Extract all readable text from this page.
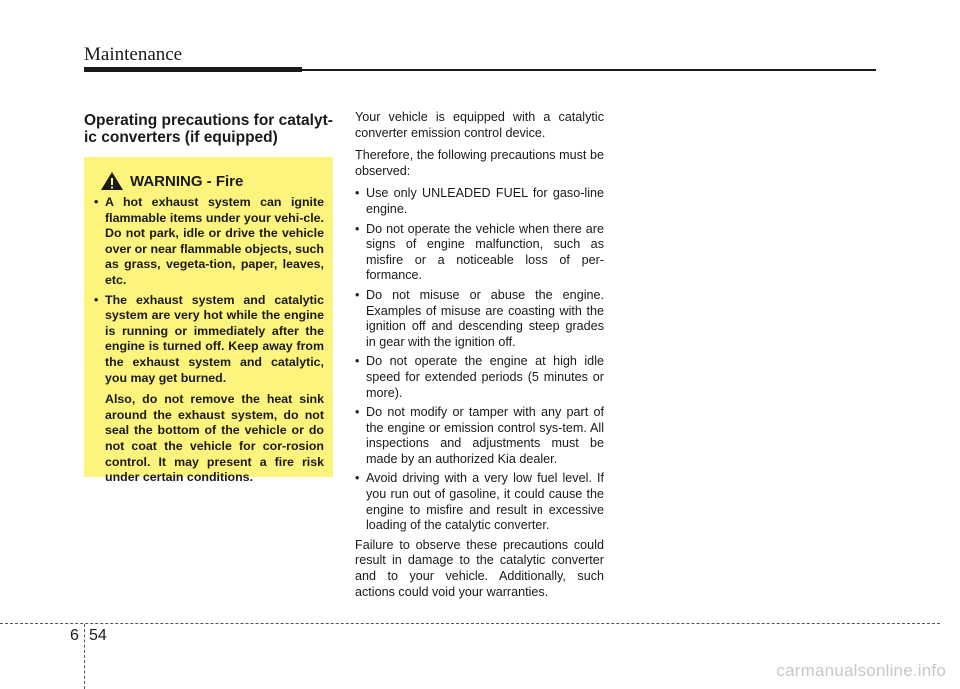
Maintenance
Operating precautions for catalyt-
ic converters (if equipped)
WARNING - Fire
• A hot exhaust system can ignite flammable items under your vehi-cle. Do not park, idle or drive the vehicle over or near flammable objects, such as grass, vegeta-tion, paper, leaves, etc.
• The exhaust system and catalytic system are very hot while the engine is running or immediately after the engine is turned off. Keep away from the exhaust system and catalytic, you may get burned.
Also, do not remove the heat sink around the exhaust system, do not seal the bottom of the vehicle or do not coat the vehicle for cor-rosion control. It may present a fire risk under certain conditions.

Your vehicle is equipped with a catalytic converter emission control device.

Therefore, the following precautions must be observed:

• Use only UNLEADED FUEL for gaso-line engine.
• Do not operate the vehicle when there are signs of engine malfunction, such as misfire or a noticeable loss of per-formance.
• Do not misuse or abuse the engine. Examples of misuse are coasting with the ignition off and descending steep grades in gear with the ignition off.
• Do not operate the engine at high idle speed for extended periods (5 minutes or more).
• Do not modify or tamper with any part of the engine or emission control sys-tem. All inspections and adjustments must be made by an authorized Kia dealer.
• Avoid driving with a very low fuel level. If you run out of gasoline, it could cause the engine to misfire and result in excessive loading of the catalytic converter.

Failure to observe these precautions could result in damage to the catalytic converter and to your vehicle. Additionally, such actions could void your warranties.

6 54
carmanualsonline.info
